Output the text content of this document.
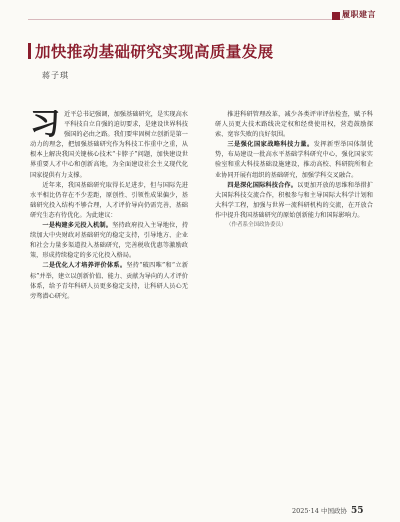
履职建言
加快推动基础研究实现高质量发展
蒋子琪

习近平总书记强调，加强基础研究，是实现高水平科技自立自强的迫切要求，是建设世界科技强国的必由之路。我们要牢固树立创新是第一动力的理念，把加强基础研究作为科技工作重中之重，从根本上解决我国关键核心技术“卡脖子”问题，加快建设世界重要人才中心和创新高地，为全面建设社会主义现代化国家提供有力支撑。

近年来，我国基础研究取得长足进步，但与国际先进水平相比仍存在不少差距，原创性、引领性成果偏少，基础研究投入结构不够合理，人才评价导向仍需完善，基础研究生态有待优化。为此建议：

一是构建多元投入机制。坚持政府投入主导地位，持续加大中央财政对基础研究的稳定支持，引导地方、企业和社会力量多渠道投入基础研究，完善税收优惠等激励政策，形成持续稳定的多元化投入格局。

二是优化人才培养评价体系。坚持“破四唯”和“立新标”并举，建立以创新价值、能力、贡献为导向的人才评价体系，给予青年科研人员更多稳定支持，让科研人员心无旁骛潜心研究。

推进科研管理改革，减少各类评审评估检查，赋予科研人员更大技术路线决定权和经费使用权，营造鼓励探索、宽容失败的良好氛围。

三是强化国家战略科技力量。发挥新型举国体制优势，布局建设一批高水平基础学科研究中心，强化国家实验室和重大科技基础设施建设，推动高校、科研院所和企业协同开展有组织的基础研究，加强学科交叉融合。

四是深化国际科技合作。以更加开放的思维和举措扩大国际科技交流合作，积极参与和主导国际大科学计划和大科学工程，加强与世界一流科研机构的交流，在开放合作中提升我国基础研究的原始创新能力和国际影响力。

（作者系全国政协委员）

2025·14 中国政协 55
